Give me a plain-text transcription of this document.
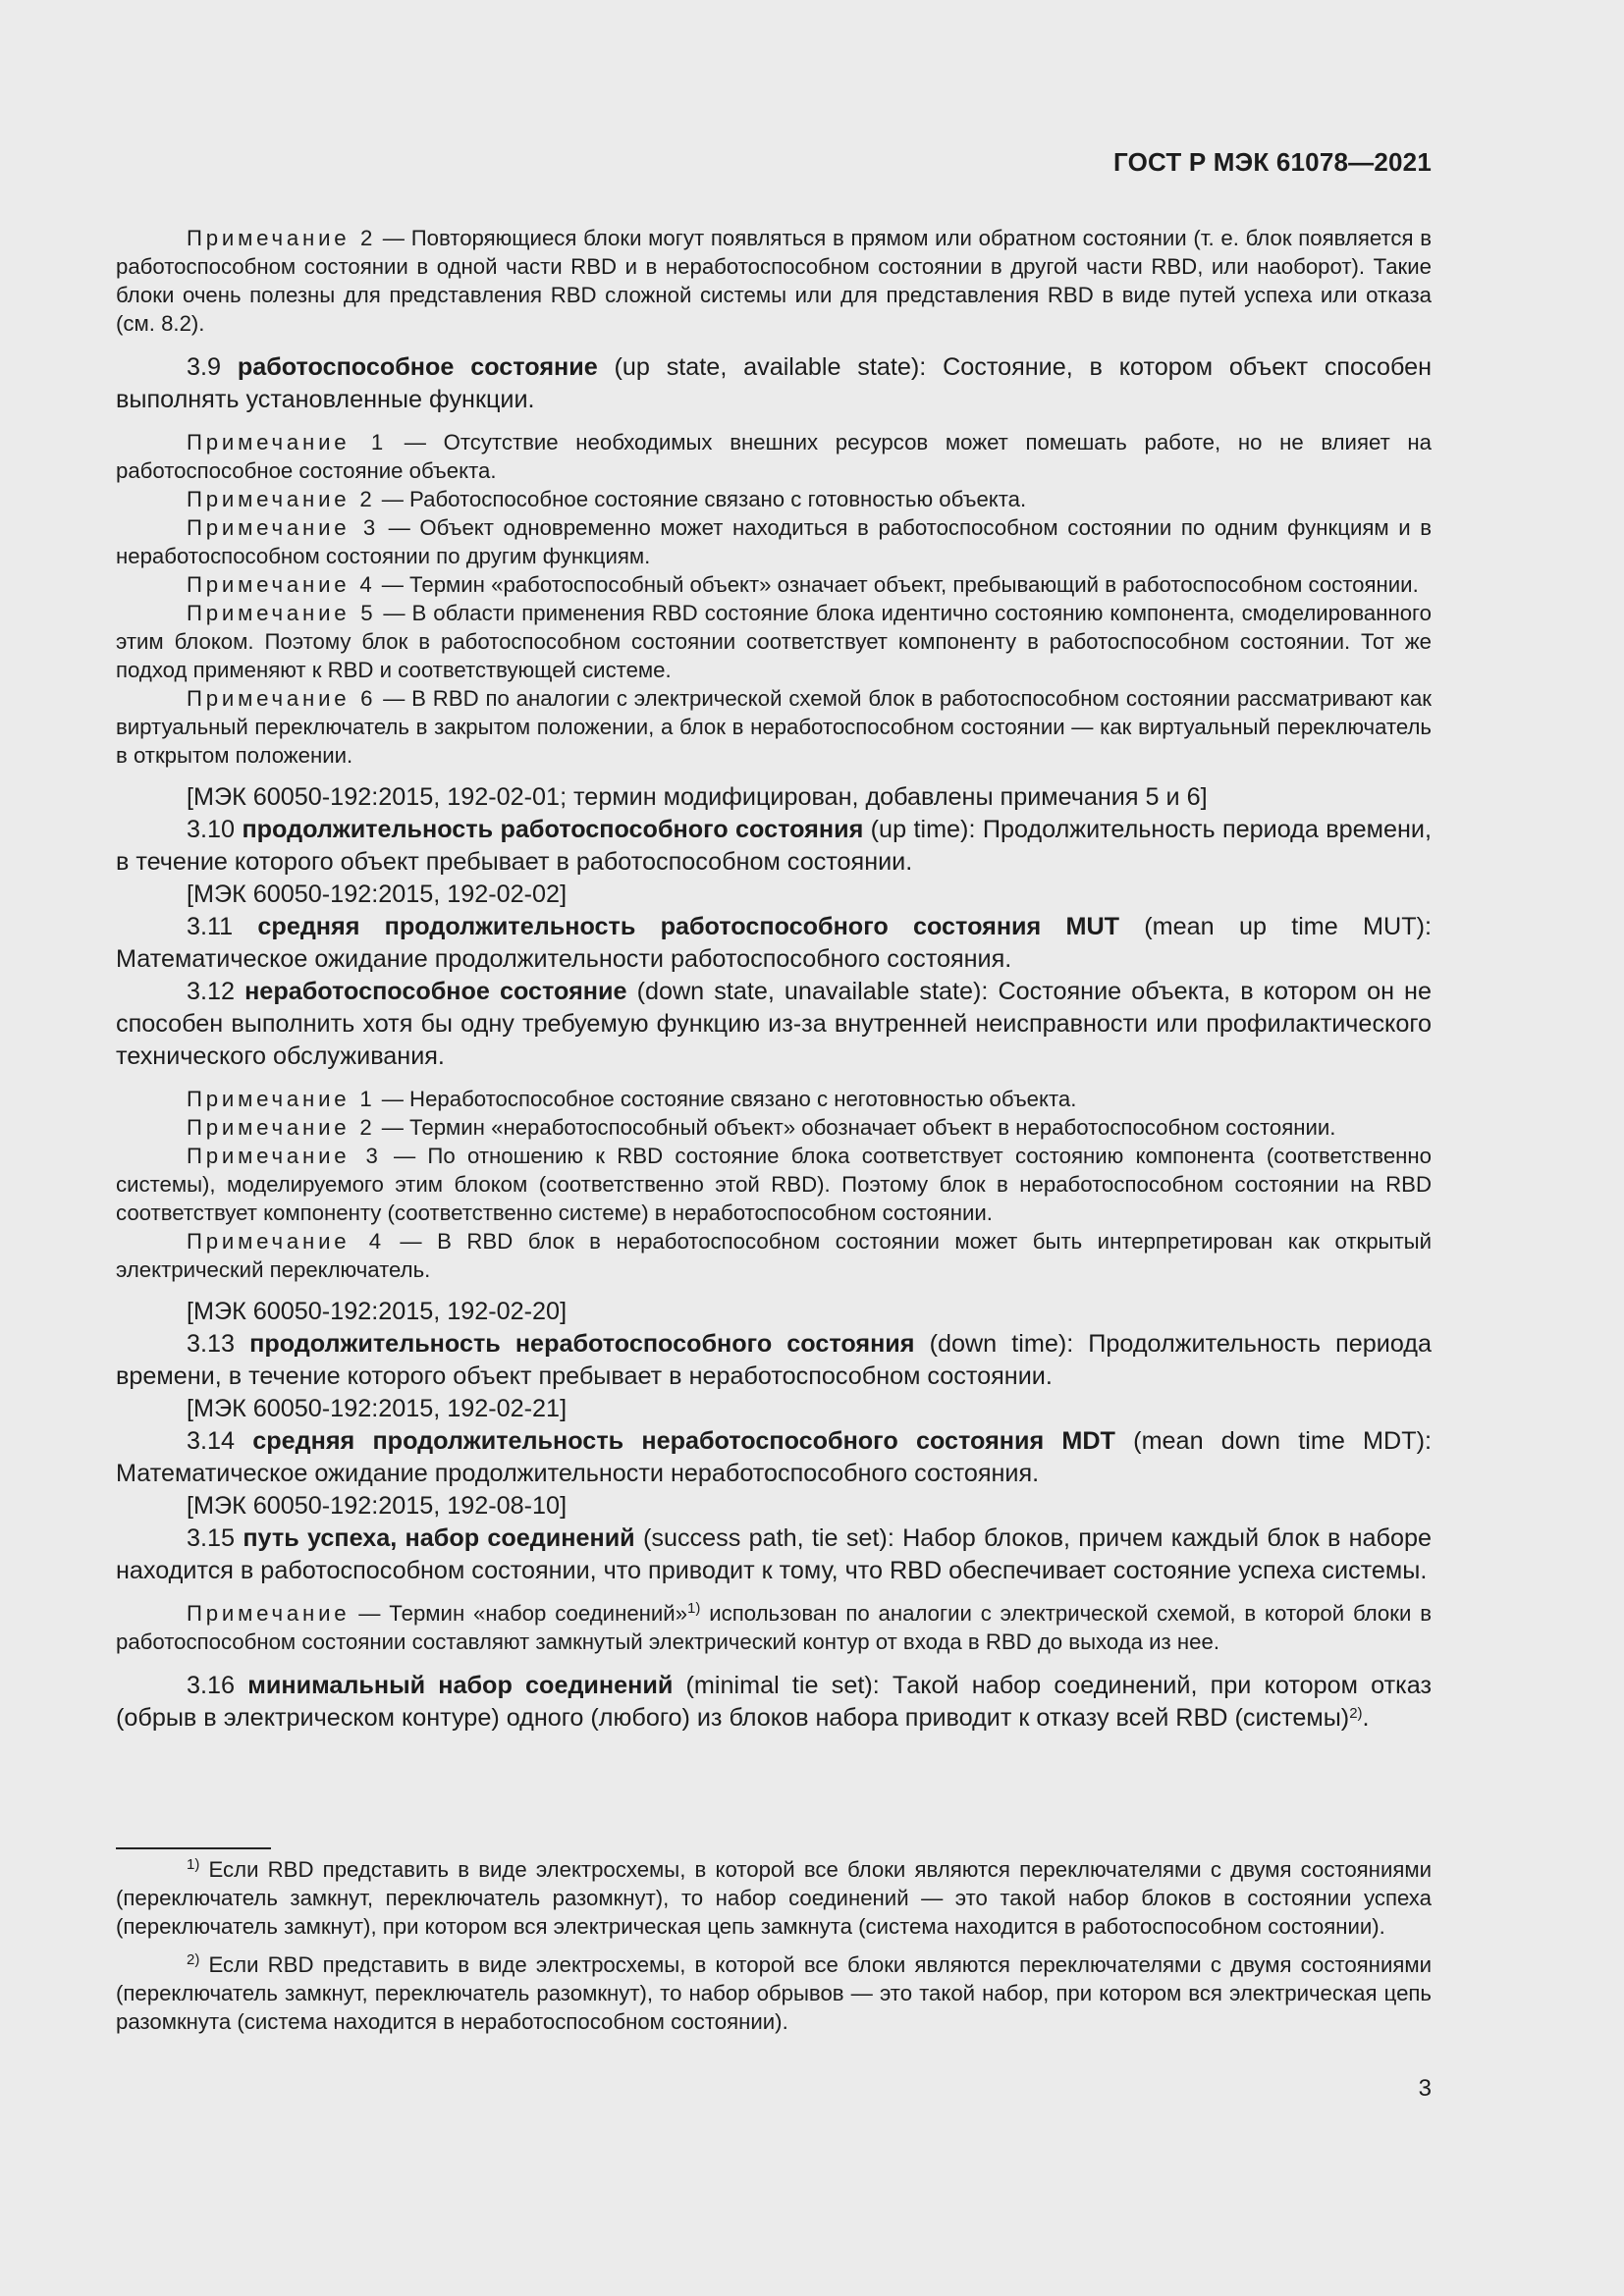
ГОСТ Р МЭК 61078—2021

Примечание 2 — Повторяющиеся блоки могут появляться в прямом или обратном состоянии (т. е. блок появляется в работоспособном состоянии в одной части RBD и в неработоспособном состоянии в другой части RBD, или наоборот). Такие блоки очень полезны для представления RBD сложной системы или для представления RBD в виде путей успеха или отказа (см. 8.2).

3.9 работоспособное состояние (up state, available state): Состояние, в котором объект способен выполнять установленные функции.

Примечание 1 — Отсутствие необходимых внешних ресурсов может помешать работе, но не влияет на работоспособное состояние объекта.

Примечание 2 — Работоспособное состояние связано с готовностью объекта.

Примечание 3 — Объект одновременно может находиться в работоспособном состоянии по одним функциям и в неработоспособном состоянии по другим функциям.

Примечание 4 — Термин «работоспособный объект» означает объект, пребывающий в работоспособном состоянии.

Примечание 5 — В области применения RBD состояние блока идентично состоянию компонента, смоделированного этим блоком. Поэтому блок в работоспособном состоянии соответствует компоненту в работоспособном состоянии. Тот же подход применяют к RBD и соответствующей системе.

Примечание 6 — В RBD по аналогии с электрической схемой блок в работоспособном состоянии рассматривают как виртуальный переключатель в закрытом положении, а блок в неработоспособном состоянии — как виртуальный переключатель в открытом положении.

[МЭК 60050-192:2015, 192-02-01; термин модифицирован, добавлены примечания 5 и 6]

3.10 продолжительность работоспособного состояния (up time): Продолжительность периода времени, в течение которого объект пребывает в работоспособном состоянии.

[МЭК 60050-192:2015, 192-02-02]

3.11 средняя продолжительность работоспособного состояния MUT (mean up time MUT): Математическое ожидание продолжительности работоспособного состояния.

3.12 неработоспособное состояние (down state, unavailable state): Состояние объекта, в котором он не способен выполнить хотя бы одну требуемую функцию из-за внутренней неисправности или профилактического технического обслуживания.

Примечание 1 — Неработоспособное состояние связано с неготовностью объекта.

Примечание 2 — Термин «неработоспособный объект» обозначает объект в неработоспособном состоянии.

Примечание 3 — По отношению к RBD состояние блока соответствует состоянию компонента (соответственно системы), моделируемого этим блоком (соответственно этой RBD). Поэтому блок в неработоспособном состоянии на RBD соответствует компоненту (соответственно системе) в неработоспособном состоянии.

Примечание 4 — В RBD блок в неработоспособном состоянии может быть интерпретирован как открытый электрический переключатель.

[МЭК 60050-192:2015, 192-02-20]

3.13 продолжительность неработоспособного состояния (down time): Продолжительность периода времени, в течение которого объект пребывает в неработоспособном состоянии.

[МЭК 60050-192:2015, 192-02-21]

3.14 средняя продолжительность неработоспособного состояния MDT (mean down time MDT): Математическое ожидание продолжительности неработоспособного состояния.

[МЭК 60050-192:2015, 192-08-10]

3.15 путь успеха, набор соединений (success path, tie set): Набор блоков, причем каждый блок в наборе находится в работоспособном состоянии, что приводит к тому, что RBD обеспечивает состояние успеха системы.

Примечание — Термин «набор соединений»$^{1)}$ использован по аналогии с электрической схемой, в которой блоки в работоспособном состоянии составляют замкнутый электрический контур от входа в RBD до выхода из нее.

3.16 минимальный набор соединений (minimal tie set): Такой набор соединений, при котором отказ (обрыв в электрическом контуре) одного (любого) из блоков набора приводит к отказу всей RBD (системы)$^{2)}$.

$^{1)}$ Если RBD представить в виде электросхемы, в которой все блоки являются переключателями с двумя состояниями (переключатель замкнут, переключатель разомкнут), то набор соединений — это такой набор блоков в состоянии успеха (переключатель замкнут), при котором вся электрическая цепь замкнута (система находится в работоспособном состоянии).

$^{2)}$ Если RBD представить в виде электросхемы, в которой все блоки являются переключателями с двумя состояниями (переключатель замкнут, переключатель разомкнут), то набор обрывов — это такой набор, при котором вся электрическая цепь разомкнута (система находится в неработоспособном состоянии).

3
